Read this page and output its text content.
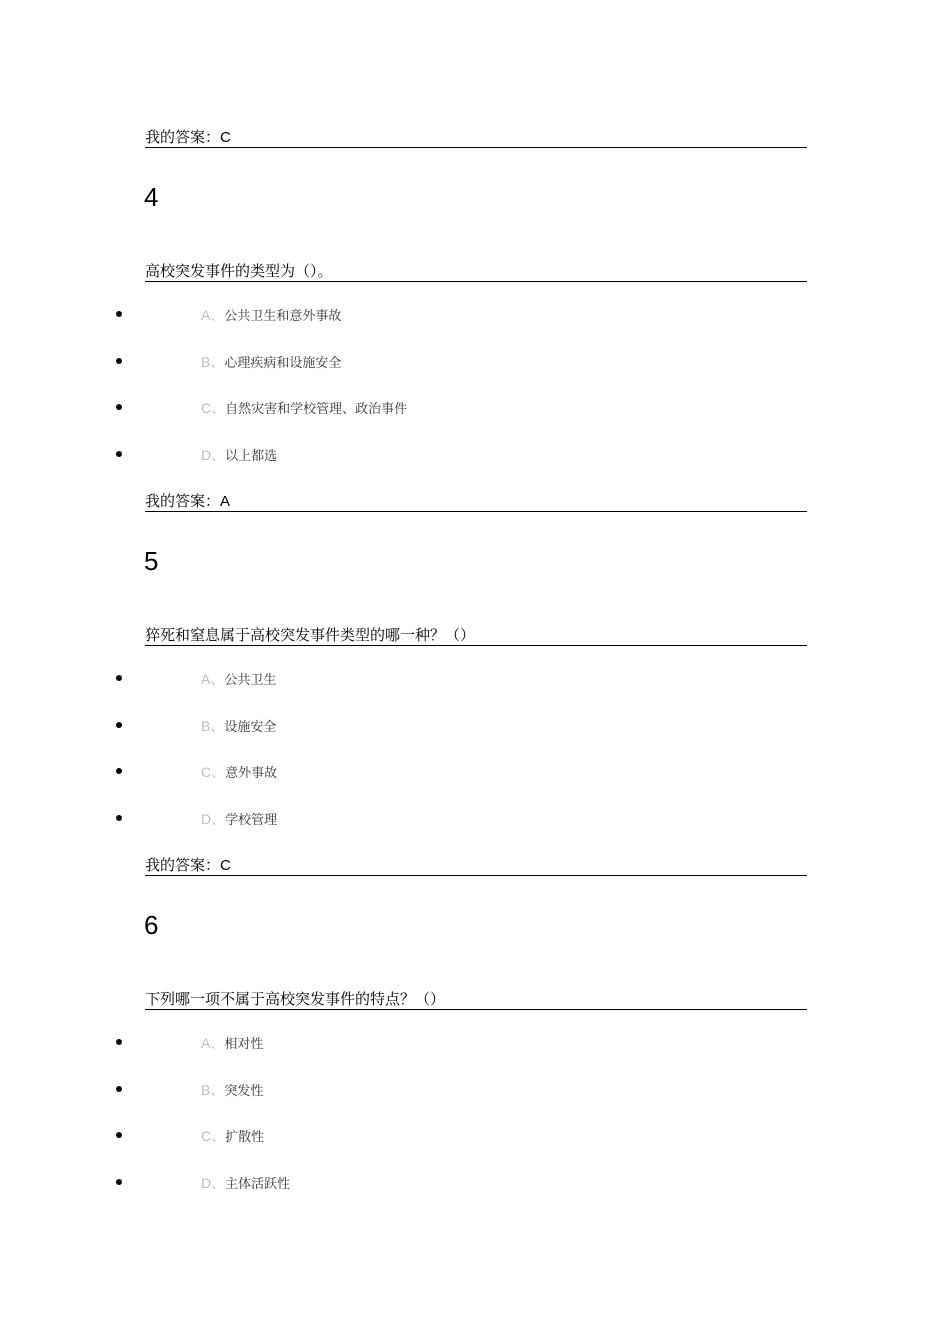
我的答案：C
4
高校突发事件的类型为（）。
A、公共卫生和意外事故
B、心理疾病和设施安全
C、自然灾害和学校管理、政治事件
D、以上都选
我的答案：A
5
猝死和窒息属于高校突发事件类型的哪一种？（）
A、公共卫生
B、设施安全
C、意外事故
D、学校管理
我的答案：C
6
下列哪一项不属于高校突发事件的特点？（）
A、相对性
B、突发性
C、扩散性
D、主体活跃性
